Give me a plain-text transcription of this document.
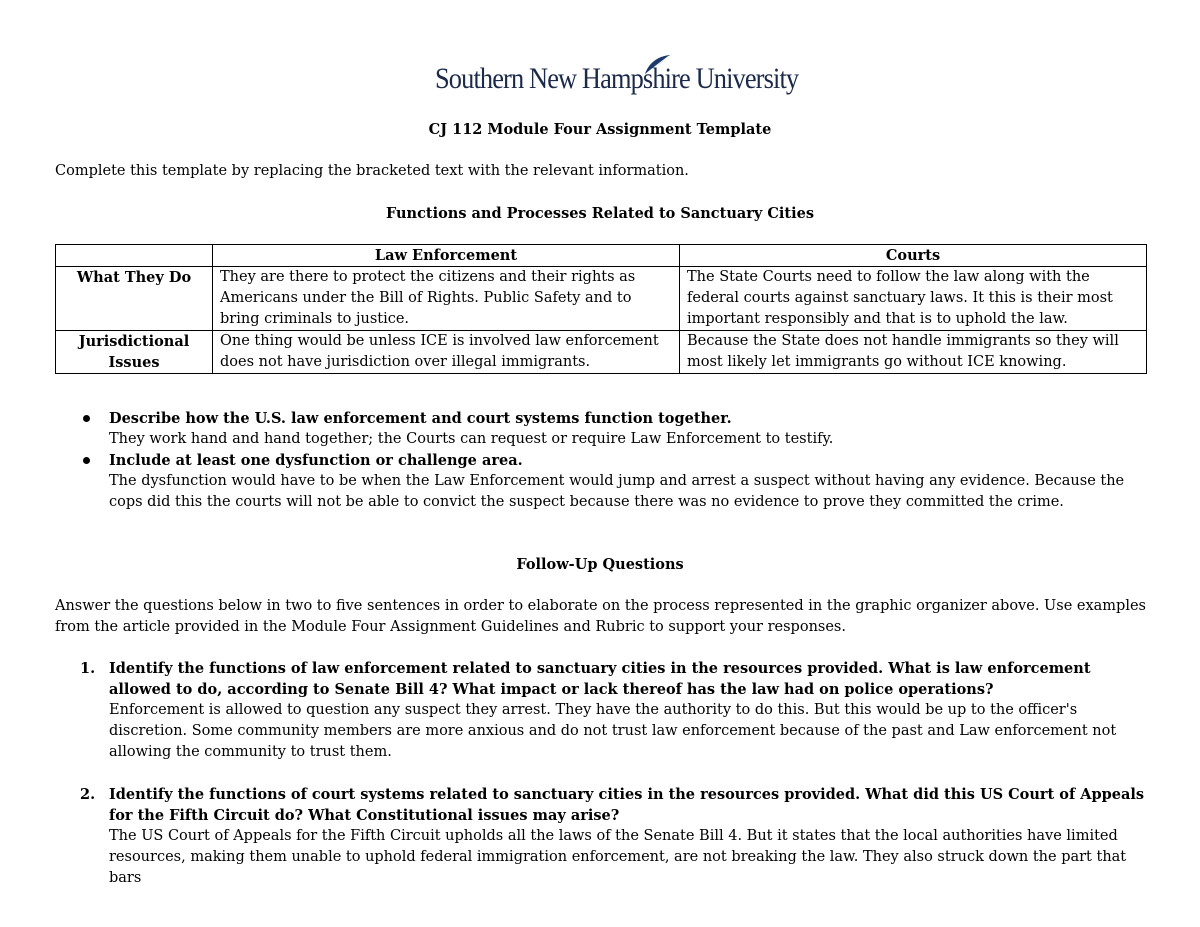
Southern New Hampshire University
CJ 112 Module Four Assignment Template
Complete this template by replacing the bracketed text with the relevant information.
Functions and Processes Related to Sanctuary Cities
	Law Enforcement	Courts
What They Do	They are there to protect the citizens and their rights as Americans under the Bill of Rights. Public Safety and to bring criminals to justice.	The State Courts need to follow the law along with the federal courts against sanctuary laws. It this is their most important responsibly and that is to uphold the law.
Jurisdictional Issues	One thing would be unless ICE is involved law enforcement does not have jurisdiction over illegal immigrants.	Because the State does not handle immigrants so they will most likely let immigrants go without ICE knowing.
Describe how the U.S. law enforcement and court systems function together.
They work hand and hand together; the Courts can request or require Law Enforcement to testify.
Include at least one dysfunction or challenge area.
The dysfunction would have to be when the Law Enforcement would jump and arrest a suspect without having any evidence. Because the cops did this the courts will not be able to convict the suspect because there was no evidence to prove they committed the crime.
Follow-Up Questions
Answer the questions below in two to five sentences in order to elaborate on the process represented in the graphic organizer above. Use examples from the article provided in the Module Four Assignment Guidelines and Rubric to support your responses.
1. Identify the functions of law enforcement related to sanctuary cities in the resources provided. What is law enforcement allowed to do, according to Senate Bill 4? What impact or lack thereof has the law had on police operations?
Enforcement is allowed to question any suspect they arrest. They have the authority to do this. But this would be up to the officer's discretion. Some community members are more anxious and do not trust law enforcement because of the past and Law enforcement not allowing the community to trust them.
2. Identify the functions of court systems related to sanctuary cities in the resources provided. What did this US Court of Appeals for the Fifth Circuit do? What Constitutional issues may arise?
The US Court of Appeals for the Fifth Circuit upholds all the laws of the Senate Bill 4. But it states that the local authorities have limited resources, making them unable to uphold federal immigration enforcement, are not breaking the law. They also struck down the part that bars
